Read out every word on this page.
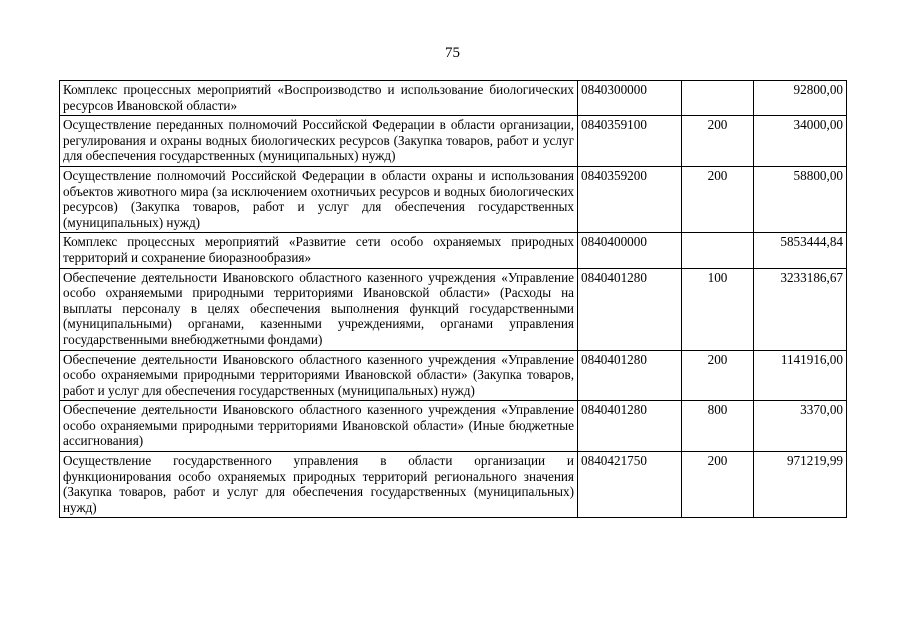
75
Комплекс процессных мероприятий «Воспроизводство и использование биологических ресурсов Ивановской области»	0840300000		92800,00
Осуществление переданных полномочий Российской Федерации в области организации, регулирования и охраны водных биологических ресурсов (Закупка товаров, работ и услуг для обеспечения государственных (муниципальных) нужд)	0840359100	200	34000,00
Осуществление полномочий Российской Федерации в области охраны и использования объектов животного мира (за исключением охотничьих ресурсов и водных биологических ресурсов) (Закупка товаров, работ и услуг для обеспечения государственных (муниципальных) нужд)	0840359200	200	58800,00
Комплекс процессных мероприятий «Развитие сети особо охраняемых природных территорий и сохранение биоразнообразия»	0840400000		5853444,84
Обеспечение деятельности Ивановского областного казенного учреждения «Управление особо охраняемыми природными территориями Ивановской области» (Расходы на выплаты персоналу в целях обеспечения выполнения функций государственными (муниципальными) органами, казенными учреждениями, органами управления государственными внебюджетными фондами)	0840401280	100	3233186,67
Обеспечение деятельности Ивановского областного казенного учреждения «Управление особо охраняемыми природными территориями Ивановской области» (Закупка товаров, работ и услуг для обеспечения государственных (муниципальных) нужд)	0840401280	200	1141916,00
Обеспечение деятельности Ивановского областного казенного учреждения «Управление особо охраняемыми природными территориями Ивановской области» (Иные бюджетные ассигнования)	0840401280	800	3370,00
Осуществление государственного управления в области организации и функционирования особо охраняемых природных территорий регионального значения (Закупка товаров, работ и услуг для обеспечения государственных (муниципальных) нужд)	0840421750	200	971219,99
